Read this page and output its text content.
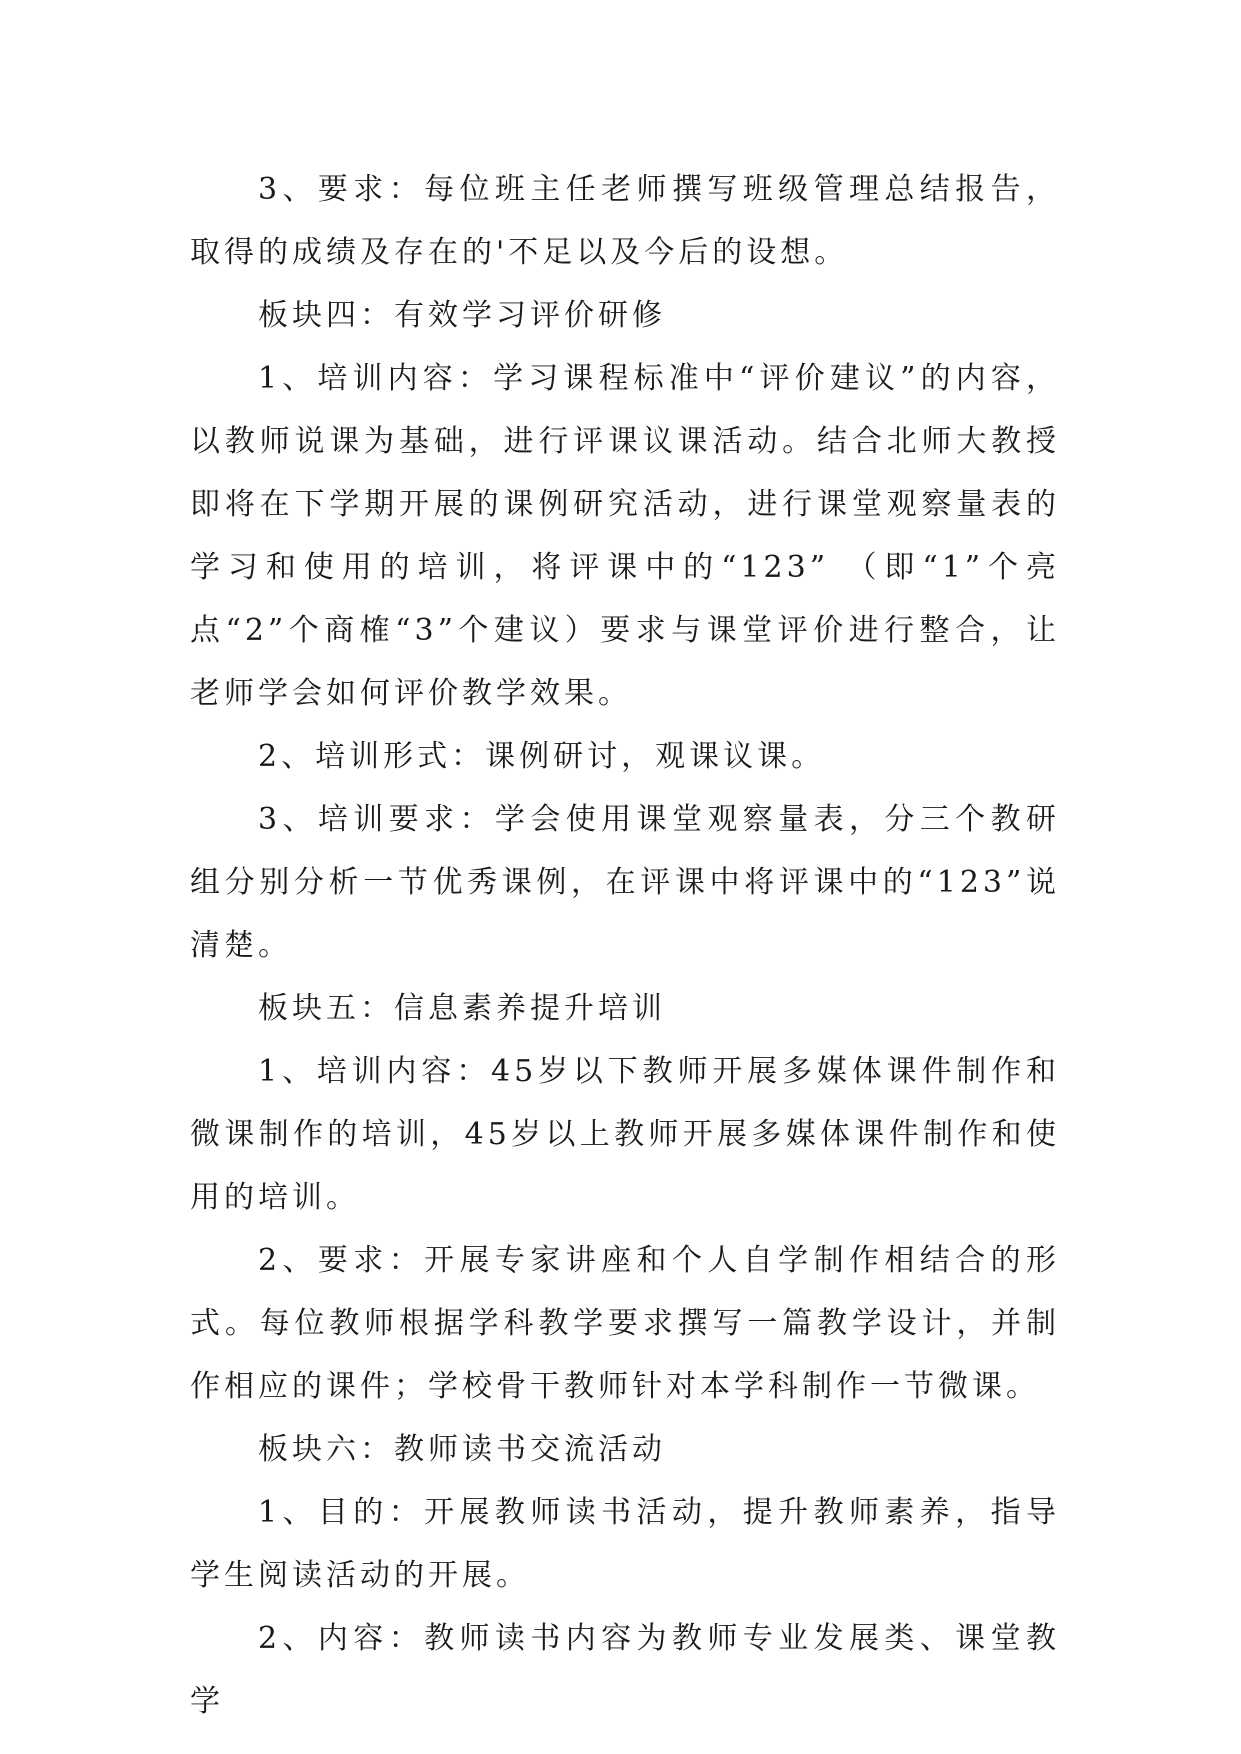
3、要求：每位班主任老师撰写班级管理总结报告，取得的成绩及存在的'不足以及今后的设想。

板块四：有效学习评价研修

1、培训内容：学习课程标准中“评价建议”的内容，以教师说课为基础，进行评课议课活动。结合北师大教授即将在下学期开展的课例研究活动，进行课堂观察量表的学习和使用的培训，将评课中的“123” （即“1”个亮点“2”个商榷“3”个建议）要求与课堂评价进行整合，让老师学会如何评价教学效果。

2、培训形式：课例研讨，观课议课。

3、培训要求：学会使用课堂观察量表，分三个教研组分别分析一节优秀课例，在评课中将评课中的“123”说清楚。

板块五：信息素养提升培训

1、培训内容：45岁以下教师开展多媒体课件制作和微课制作的培训，45岁以上教师开展多媒体课件制作和使用的培训。

2、要求：开展专家讲座和个人自学制作相结合的形式。每位教师根据学科教学要求撰写一篇教学设计，并制作相应的课件；学校骨干教师针对本学科制作一节微课。

板块六：教师读书交流活动

1、目的：开展教师读书活动，提升教师素养，指导学生阅读活动的开展。

2、内容：教师读书内容为教师专业发展类、课堂教学
